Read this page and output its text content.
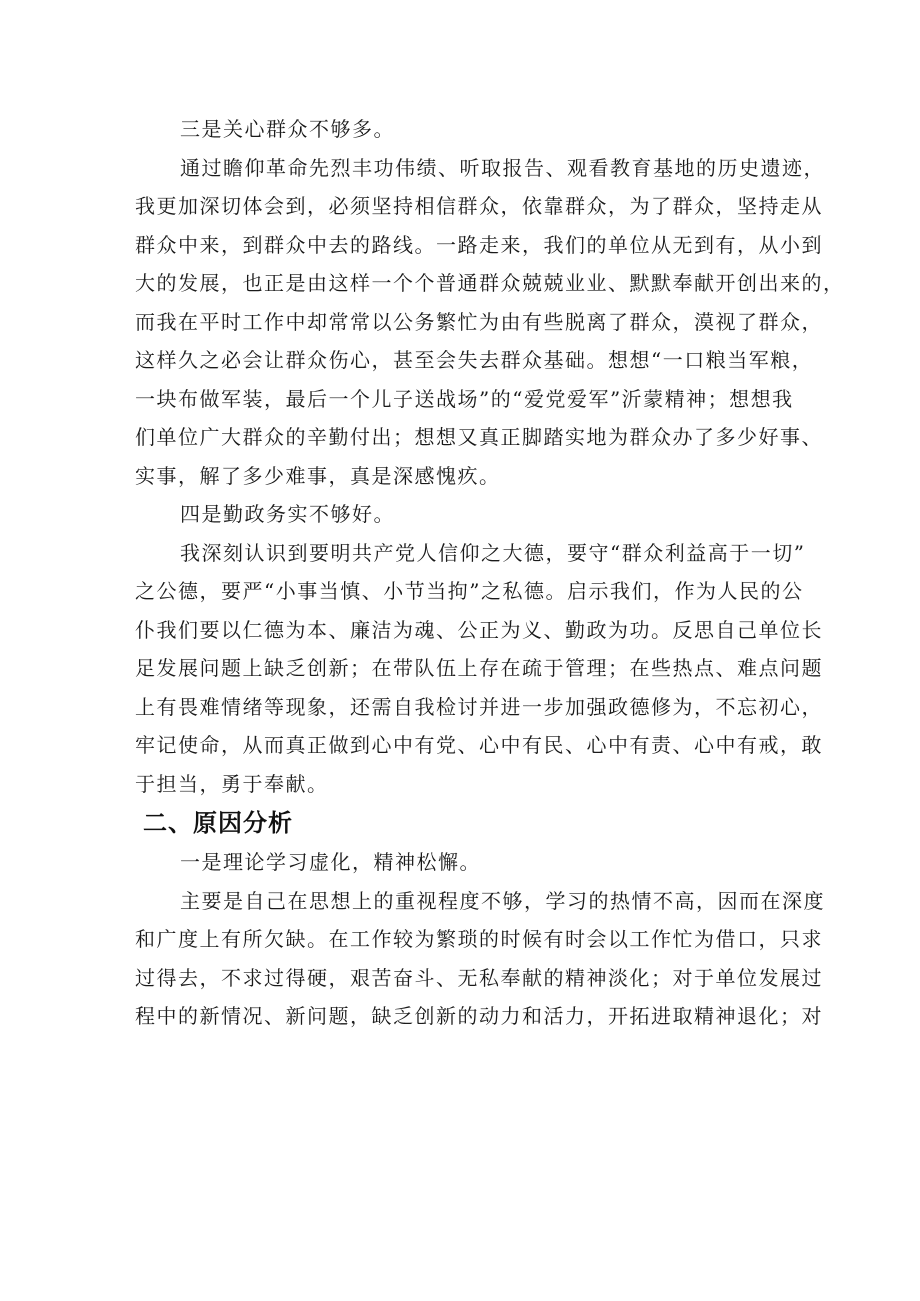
三是关心群众不够多。
通过瞻仰革命先烈丰功伟绩、听取报告、观看教育基地的历史遗迹，
我更加深切体会到，必须坚持相信群众，依靠群众，为了群众，坚持走从
群众中来，到群众中去的路线。一路走来，我们的单位从无到有，从小到
大的发展，也正是由这样一个个普通群众兢兢业业、默默奉献开创出来的，
而我在平时工作中却常常以公务繁忙为由有些脱离了群众，漠视了群众，
这样久之必会让群众伤心，甚至会失去群众基础。想想“一口粮当军粮，
一块布做军装，最后一个儿子送战场”的“爱党爱军”沂蒙精神；想想我
们单位广大群众的辛勤付出；想想又真正脚踏实地为群众办了多少好事、
实事，解了多少难事，真是深感愧疚。
四是勤政务实不够好。
我深刻认识到要明共产党人信仰之大德，要守“群众利益高于一切”
之公德，要严“小事当慎、小节当拘”之私德。启示我们，作为人民的公
仆我们要以仁德为本、廉洁为魂、公正为义、勤政为功。反思自己单位长
足发展问题上缺乏创新；在带队伍上存在疏于管理；在些热点、难点问题
上有畏难情绪等现象，还需自我检讨并进一步加强政德修为，不忘初心，
牢记使命，从而真正做到心中有党、心中有民、心中有责、心中有戒，敢
于担当，勇于奉献。
二、原因分析
一是理论学习虚化，精神松懈。
主要是自己在思想上的重视程度不够，学习的热情不高，因而在深度
和广度上有所欠缺。在工作较为繁琐的时候有时会以工作忙为借口，只求
过得去，不求过得硬，艰苦奋斗、无私奉献的精神淡化；对于单位发展过
程中的新情况、新问题，缺乏创新的动力和活力，开拓进取精神退化；对
